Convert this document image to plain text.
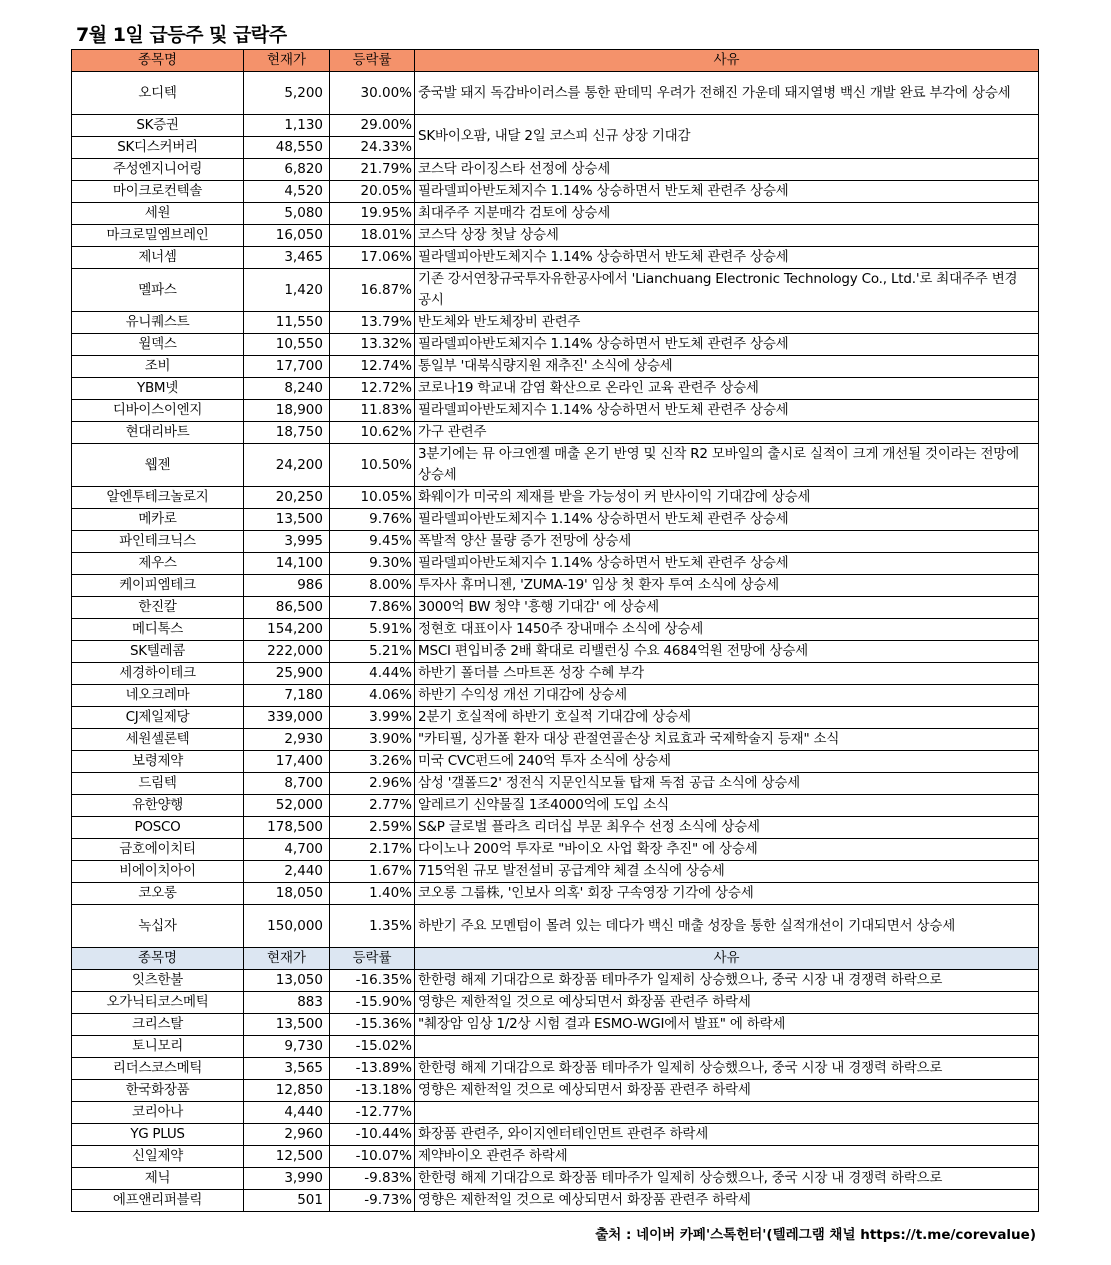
7월 1일 급등주 및 급락주
종목명	현재가	등락률	사유
오디텍	5,200	30.00%	중국발 돼지 독감바이러스를 통한 판데믹 우려가 전해진 가운데 돼지열병 백신 개발 완료 부각에 상승세
SK증권	1,130	29.00%	SK바이오팜, 내달 2일 코스피 신규 상장 기대감
SK디스커버리	48,550	24.33%	
주성엔지니어링	6,820	21.79%	코스닥 라이징스타 선정에 상승세
마이크로컨텍솔	4,520	20.05%	필라델피아반도체지수 1.14% 상승하면서 반도체 관련주 상승세
세원	5,080	19.95%	최대주주 지분매각 검토에 상승세
마크로밀엠브레인	16,050	18.01%	코스닥 상장 첫날 상승세
제너셈	3,465	17.06%	필라델피아반도체지수 1.14% 상승하면서 반도체 관련주 상승세
멜파스	1,420	16.87%	기존 강서연창규국투자유한공사에서 'Lianchuang Electronic Technology Co., Ltd.'로 최대주주 변경 공시
유니퀘스트	11,550	13.79%	반도체와 반도체장비 관련주
윌덱스	10,550	13.32%	필라델피아반도체지수 1.14% 상승하면서 반도체 관련주 상승세
조비	17,700	12.74%	통일부 '대북식량지원 재추진' 소식에 상승세
YBM넷	8,240	12.72%	코로나19 학교내 감염 확산으로 온라인 교육 관련주 상승세
디바이스이엔지	18,900	11.83%	필라델피아반도체지수 1.14% 상승하면서 반도체 관련주 상승세
현대리바트	18,750	10.62%	가구 관련주
웹젠	24,200	10.50%	3분기에는 뮤 아크엔젤 매출 온기 반영 및 신작 R2 모바일의 출시로 실적이 크게 개선될 것이라는 전망에 상승세
알엔투테크놀로지	20,250	10.05%	화웨이가 미국의 제재를 받을 가능성이 커 반사이익 기대감에 상승세
메카로	13,500	9.76%	필라델피아반도체지수 1.14% 상승하면서 반도체 관련주 상승세
파인테크닉스	3,995	9.45%	폭발적 양산 물량 증가 전망에 상승세
제우스	14,100	9.30%	필라델피아반도체지수 1.14% 상승하면서 반도체 관련주 상승세
케이피엠테크	986	8.00%	투자사 휴머니젠, 'ZUMA-19' 임상 첫 환자 투여 소식에 상승세
한진칼	86,500	7.86%	3000억 BW 청약 '흥행 기대감' 에 상승세
메디톡스	154,200	5.91%	정현호 대표이사 1450주 장내매수 소식에 상승세
SK텔레콤	222,000	5.21%	MSCI 편입비중 2배 확대로 리밸런싱 수요 4684억원 전망에 상승세
세경하이테크	25,900	4.44%	하반기 폴더블 스마트폰 성장 수혜 부각
네오크레마	7,180	4.06%	하반기 수익성 개선 기대감에 상승세
CJ제일제당	339,000	3.99%	2분기 호실적에 하반기 호실적 기대감에 상승세
세원셀론텍	2,930	3.90%	"카티필, 싱가폴 환자 대상 관절연골손상 치료효과 국제학술지 등재" 소식
보령제약	17,400	3.26%	미국 CVC펀드에 240억 투자 소식에 상승세
드림텍	8,700	2.96%	삼성 '갤폴드2' 정전식 지문인식모듈 탑재 독점 공급 소식에 상승세
유한양행	52,000	2.77%	알레르기 신약물질 1조4000억에 도입 소식
POSCO	178,500	2.59%	S&P 글로벌 플라츠 리더십 부문 최우수 선정 소식에 상승세
금호에이치티	4,700	2.17%	다이노나 200억 투자로 "바이오 사업 확장 추진" 에 상승세
비에이치아이	2,440	1.67%	715억원 규모 발전설비 공급계약 체결 소식에 상승세
코오롱	18,050	1.40%	코오롱 그룹株, '인보사 의혹' 회장 구속영장 기각에 상승세
녹십자	150,000	1.35%	하반기 주요 모멘텀이 몰려 있는 데다가 백신 매출 성장을 통한 실적개선이 기대되면서 상승세
종목명	현재가	등락률	사유
잇츠한불	13,050	-16.35%	한한령 해제 기대감으로 화장품 테마주가 일제히 상승했으나, 중국 시장 내 경쟁력 하락으로
오가닉티코스메틱	883	-15.90%	영향은 제한적일 것으로 예상되면서 화장품 관련주 하락세
크리스탈	13,500	-15.36%	"췌장암 임상 1/2상 시험 결과 ESMO-WGI에서 발표" 에 하락세
토니모리	9,730	-15.02%	
리더스코스메틱	3,565	-13.89%	한한령 해제 기대감으로 화장품 테마주가 일제히 상승했으나, 중국 시장 내 경쟁력 하락으로
한국화장품	12,850	-13.18%	영향은 제한적일 것으로 예상되면서 화장품 관련주 하락세
코리아나	4,440	-12.77%	
YG PLUS	2,960	-10.44%	화장품 관련주, 와이지엔터테인먼트 관련주 하락세
신일제약	12,500	-10.07%	제약바이오 관련주 하락세
제닉	3,990	-9.83%	한한령 해제 기대감으로 화장품 테마주가 일제히 상승했으나, 중국 시장 내 경쟁력 하락으로
에프앤리퍼블릭	501	-9.73%	영향은 제한적일 것으로 예상되면서 화장품 관련주 하락세
출처 : 네이버 카페'스톡헌터'(텔레그램 채널 https://t.me/corevalue)
